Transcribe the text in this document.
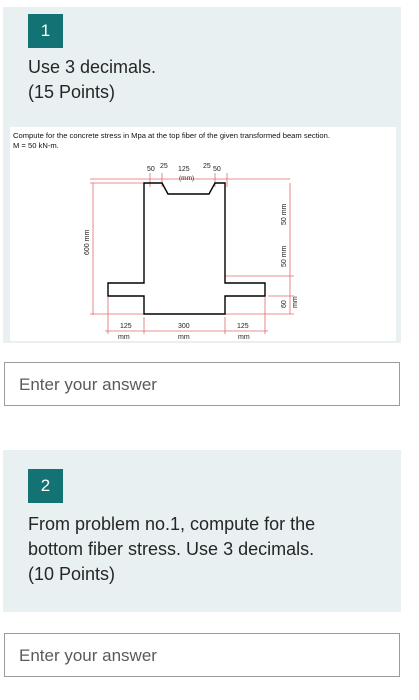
1
Use 3 decimals.
(15 Points)
Compute for the concrete stress in Mpa at the top fiber of the given transformed beam section.
M = 50 kN-m.
50 25 125
(mm)
25 50
600 mm
50 mm
50 mm
60 mm
125
mm
300
mm
125
mm
Enter your answer
2
From problem no.1, compute for the bottom fiber stress. Use 3 decimals.
(10 Points)
Enter your answer
